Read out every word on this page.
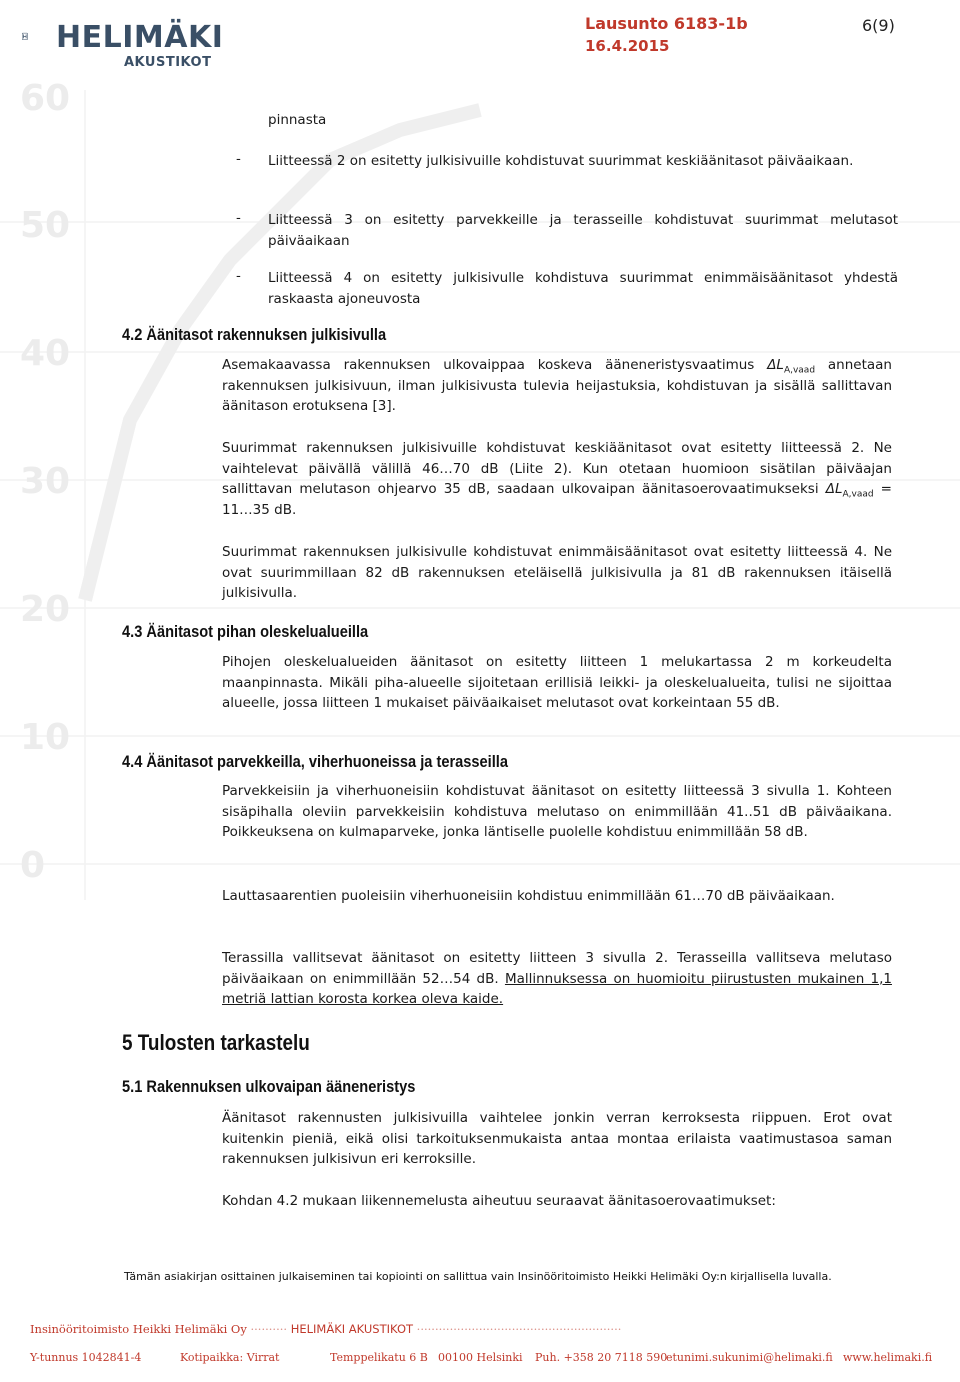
60
50
40
30
20
10
0
HELIMÄKI
AKUSTIKOT
Lausunto 6183-1b
16.4.2015
6(9)
pinnasta
- Liitteessä 2 on esitetty julkisivuille kohdistuvat suurimmat keskiäänitasot päiväaikaan.
- Liitteessä 3 on esitetty parvekkeille ja terasseille kohdistuvat suurimmat melutasot päiväaikaan
- Liitteessä 4 on esitetty julkisivulle kohdistuva suurimmat enimmäisäänitasot yhdestä raskaasta ajoneuvosta
4.2 Äänitasot rakennuksen julkisivulla
Asemakaavassa rakennuksen ulkovaippaa koskeva ääneneristysvaatimus $\Delta L_{A,vaad}$ annetaan rakennuksen julkisivuun, ilman julkisivusta tulevia heijastuksia, kohdistuvan ja sisällä sallittavan äänitason erotuksena [3].
Suurimmat rakennuksen julkisivuille kohdistuvat keskiäänitasot ovat esitetty liitteessä 2. Ne vaihtelevat päivällä välillä 46…70 dB (Liite 2). Kun otetaan huomioon sisätilan päiväajan sallittavan melutason ohjearvo 35 dB, saadaan ulkovaipan äänitasoerovaatimukseksi $\Delta L_{A,vaad}$ = 11…35 dB.
Suurimmat rakennuksen julkisivulle kohdistuvat enimmäisäänitasot ovat esitetty liitteessä 4. Ne ovat suurimmillaan 82 dB rakennuksen eteläisellä julkisivulla ja 81 dB rakennuksen itäisellä julkisivulla.
4.3 Äänitasot pihan oleskelualueilla
Pihojen oleskelualueiden äänitasot on esitetty liitteen 1 melukartassa 2 m korkeudelta maanpinnasta. Mikäli piha-alueelle sijoitetaan erillisiä leikki- ja oleskelualueita, tulisi ne sijoittaa alueelle, jossa liitteen 1 mukaiset päiväaikaiset melutasot ovat korkeintaan 55 dB.
4.4 Äänitasot parvekkeilla, viherhuoneissa ja terasseilla
Parvekkeisiin ja viherhuoneisiin kohdistuvat äänitasot on esitetty liitteessä 3 sivulla 1. Kohteen sisäpihalla oleviin parvekkeisiin kohdistuva melutaso on enimmillään 41..51 dB päiväaikana. Poikkeuksena on kulmaparveke, jonka läntiselle puolelle kohdistuu enimmillään 58 dB.
Lauttasaarentien puoleisiin viherhuoneisiin kohdistuu enimmillään 61…70 dB päiväaikaan.
Terassilla vallitsevat äänitasot on esitetty liitteen 3 sivulla 2. Terasseilla vallitseva melutaso päiväaikaan on enimmillään 52…54 dB. Mallinnuksessa on huomioitu piirustusten mukainen 1,1 metriä lattian korosta korkea oleva kaide.
5 Tulosten tarkastelu
5.1 Rakennuksen ulkovaipan ääneneristys
Äänitasot rakennusten julkisivuilla vaihtelee jonkin verran kerroksesta riippuen. Erot ovat kuitenkin pieniä, eikä olisi tarkoituksenmukaista antaa montaa erilaista vaatimustasoa saman rakennuksen julkisivun eri kerroksille.
Kohdan 4.2 mukaan liikennemelusta aiheutuu seuraavat äänitasoerovaatimukset:
Tämän asiakirjan osittainen julkaiseminen tai kopiointi on sallittua vain Insinööritoimisto Heikki Helimäki Oy:n kirjallisella luvalla.
Insinööritoimisto Heikki Helimäki Oy ·········· HELIMÄKI AKUSTIKOT ························································
Y-tunnus 1042841-4	Kotipaikka: Virrat	Temppelikatu 6 B 00100 Helsinki Puh. +358 20 7118 590
etunimi.sukunimi@helimaki.fi www.helimaki.fi
